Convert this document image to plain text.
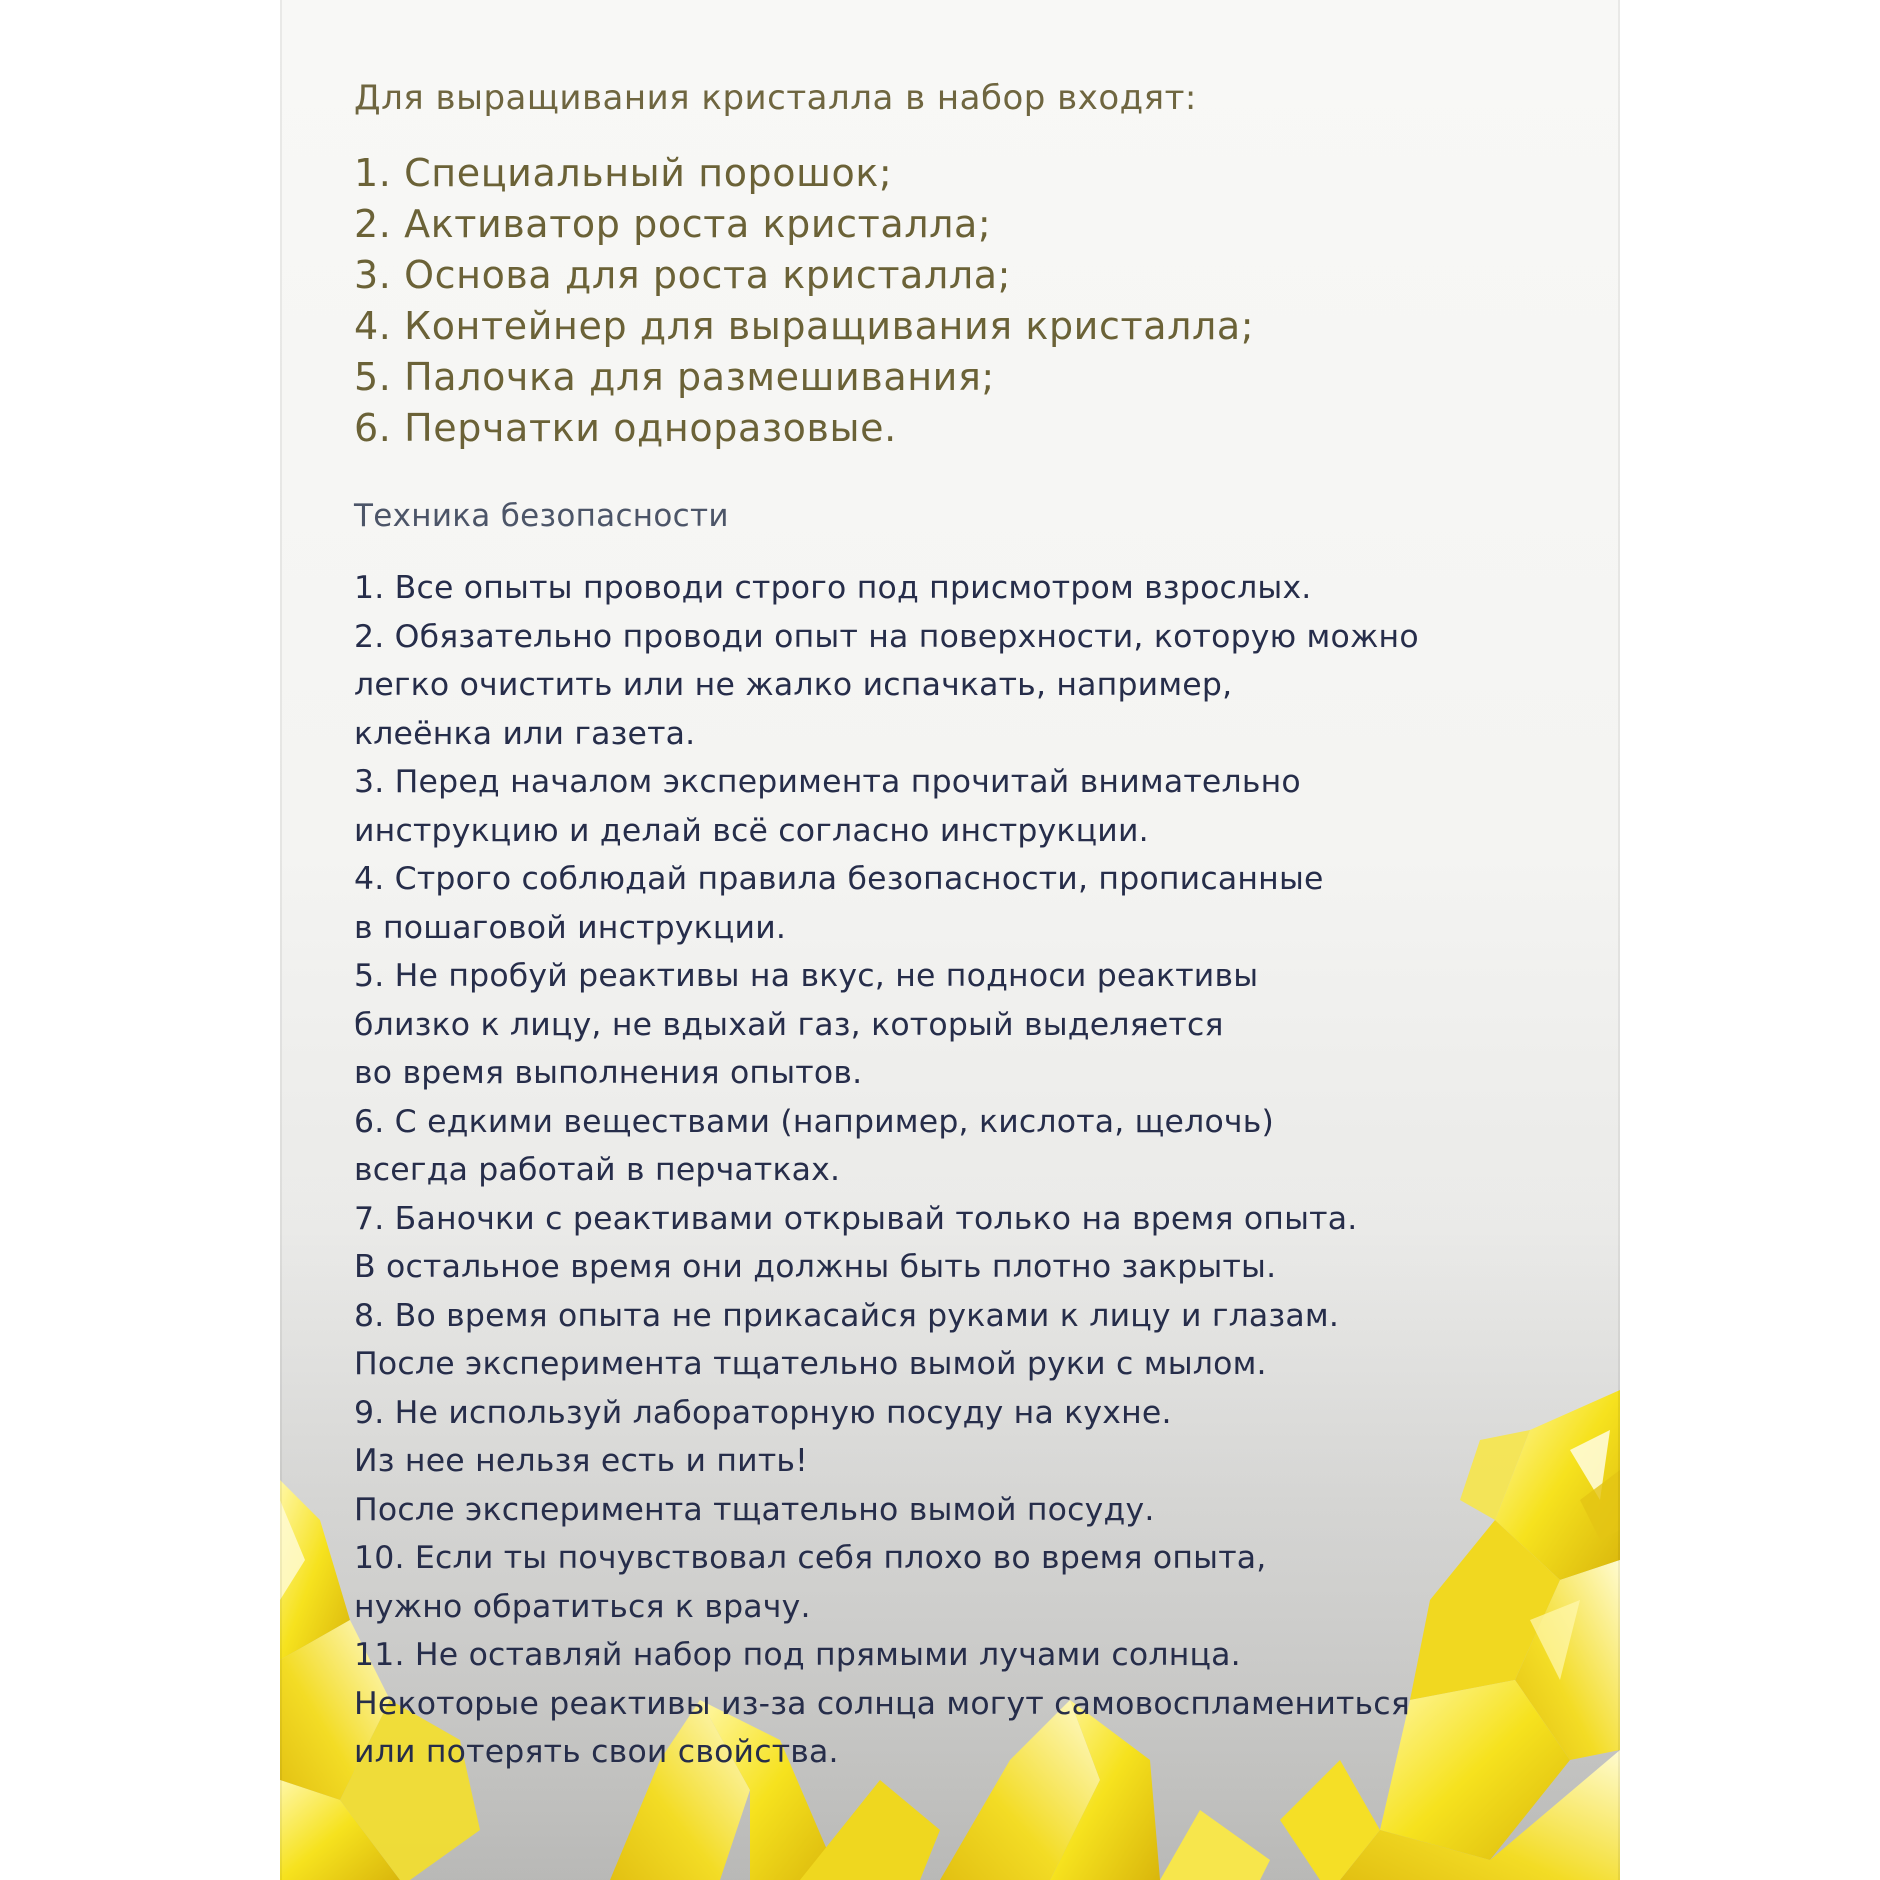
Для выращивания кристалла в набор входят:
1. Специальный порошок;
2. Активатор роста кристалла;
3. Основа для роста кристалла;
4. Контейнер для выращивания кристалла;
5. Палочка для размешивания;
6. Перчатки одноразовые.
Техника безопасности
1. Все опыты проводи строго под присмотром взрослых.
2. Обязательно проводи опыт на поверхности, которую можно
легко очистить или не жалко испачкать, например,
клеёнка или газета.
3. Перед началом эксперимента прочитай внимательно
инструкцию и делай всё согласно инструкции.
4. Строго соблюдай правила безопасности, прописанные
в пошаговой инструкции.
5. Не пробуй реактивы на вкус, не подноси реактивы
близко к лицу, не вдыхай газ, который выделяется
во время выполнения опытов.
6. С едкими веществами (например, кислота, щелочь)
всегда работай в перчатках.
7. Баночки с реактивами открывай только на время опыта.
В остальное время они должны быть плотно закрыты.
8. Во время опыта не прикасайся руками к лицу и глазам.
После эксперимента тщательно вымой руки с мылом.
9. Не используй лабораторную посуду на кухне.
Из нее нельзя есть и пить!
После эксперимента тщательно вымой посуду.
10. Если ты почувствовал себя плохо во время опыта,
нужно обратиться к врачу.
11. Не оставляй набор под прямыми лучами солнца.
Некоторые реактивы из-за солнца могут самовоспламениться
или потерять свои свойства.
